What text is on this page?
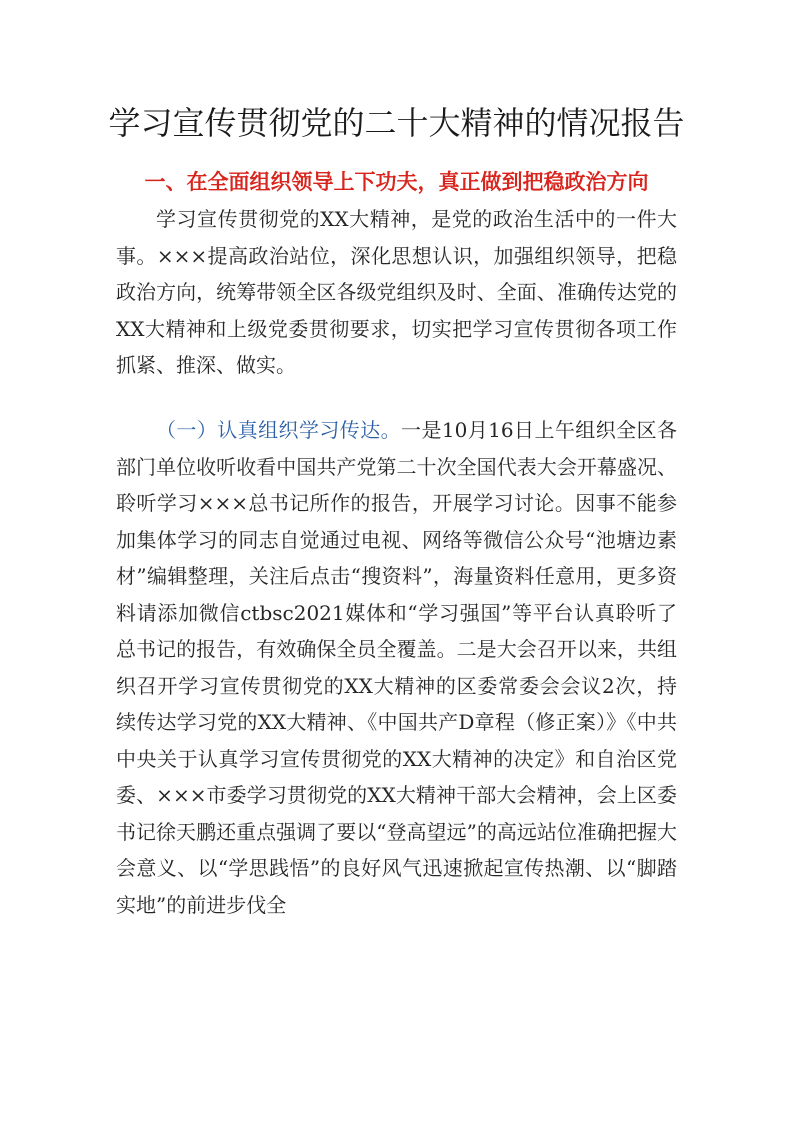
学习宣传贯彻党的二十大精神的情况报告
一、在全面组织领导上下功夫，真正做到把稳政治方向

学习宣传贯彻党的XX大精神，是党的政治生活中的一件大事。×××提高政治站位，深化思想认识，加强组织领导，把稳政治方向，统筹带领全区各级党组织及时、全面、准确传达党的XX大精神和上级党委贯彻要求，切实把学习宣传贯彻各项工作抓紧、推深、做实。

（一）认真组织学习传达。一是10月16日上午组织全区各部门单位收听收看中国共产党第二十次全国代表大会开幕盛况、聆听学习×××总书记所作的报告，开展学习讨论。因事不能参加集体学习的同志自觉通过电视、网络等微信公众号“池塘边素材”编辑整理，关注后点击“搜资料”，海量资料任意用，更多资料请添加微信ctbsc2021媒体和“学习强国”等平台认真聆听了总书记的报告，有效确保全员全覆盖。二是大会召开以来，共组织召开学习宣传贯彻党的XX大精神的区委常委会会议2次，持续传达学习党的XX大精神、《中国共产D章程（修正案）》《中共中央关于认真学习宣传贯彻党的XX大精神的决定》和自治区党委、×××市委学习贯彻党的XX大精神干部大会精神，会上区委书记徐天鹏还重点强调了要以“登高望远”的高远站位准确把握大会意义、以“学思践悟”的良好风气迅速掀起宣传热潮、以“脚踏实地”的前进步伐全
